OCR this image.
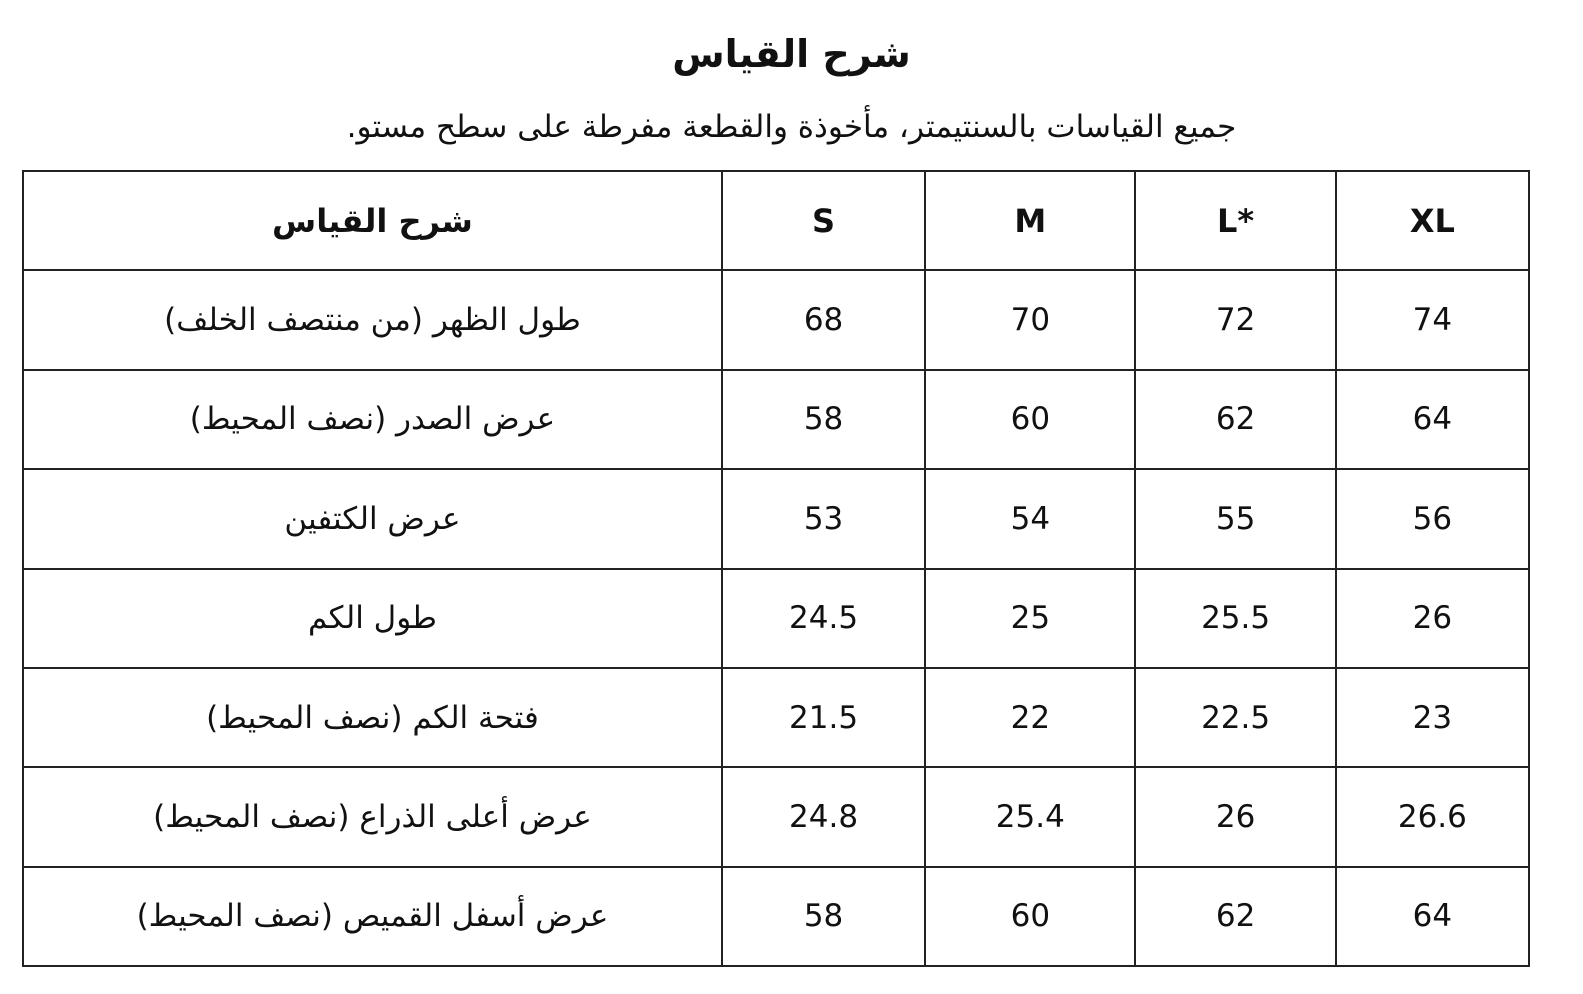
شرح القياس
جميع القياسات بالسنتيمتر، مأخوذة والقطعة مفرطة على سطح مستو.
شرح القياس	S	M	L*	XL
طول الظهر (من منتصف الخلف)	68	70	72	74
عرض الصدر (نصف المحيط)	58	60	62	64
عرض الكتفين	53	54	55	56
طول الكم	24.5	25	25.5	26
فتحة الكم (نصف المحيط)	21.5	22	22.5	23
عرض أعلى الذراع (نصف المحيط)	24.8	25.4	26	26.6
عرض أسفل القميص (نصف المحيط)	58	60	62	64
